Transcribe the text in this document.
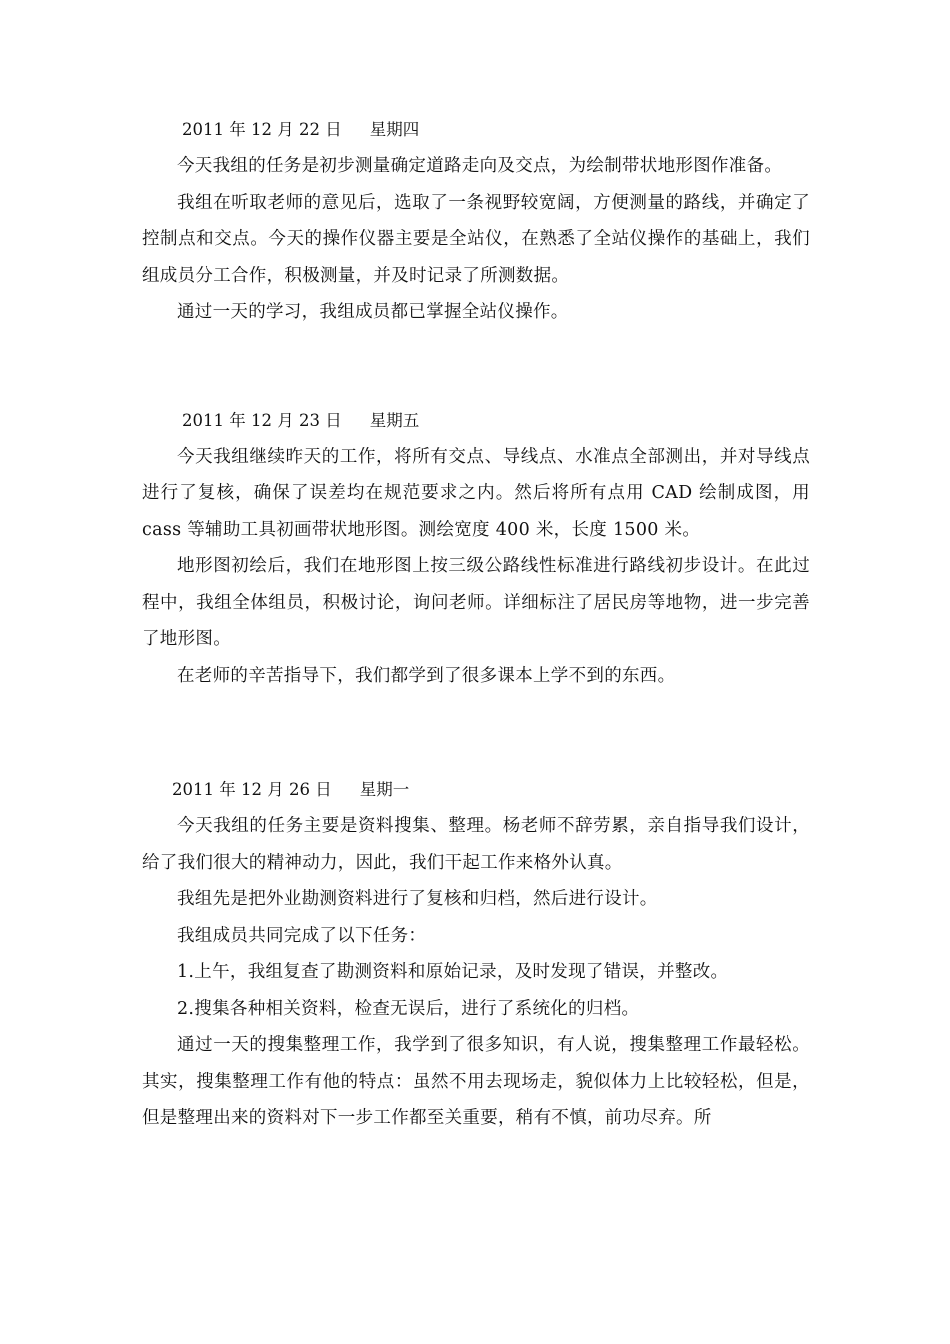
2011 年 12 月 22 日 星期四

今天我组的任务是初步测量确定道路走向及交点，为绘制带状地形图作准备。

我组在听取老师的意见后，选取了一条视野较宽阔，方便测量的路线，并确定了控制点和交点。今天的操作仪器主要是全站仪，在熟悉了全站仪操作的基础上，我们组成员分工合作，积极测量，并及时记录了所测数据。

通过一天的学习，我组成员都已掌握全站仪操作。

2011 年 12 月 23 日 星期五

今天我组继续昨天的工作，将所有交点、导线点、水准点全部测出，并对导线点进行了复核，确保了误差均在规范要求之内。然后将所有点用 CAD 绘制成图，用 cass 等辅助工具初画带状地形图。测绘宽度 400 米，长度 1500 米。

地形图初绘后，我们在地形图上按三级公路线性标准进行路线初步设计。在此过程中，我组全体组员，积极讨论，询问老师。详细标注了居民房等地物，进一步完善了地形图。

在老师的辛苦指导下，我们都学到了很多课本上学不到的东西。

2011 年 12 月 26 日 星期一

今天我组的任务主要是资料搜集、整理。杨老师不辞劳累，亲自指导我们设计，给了我们很大的精神动力，因此，我们干起工作来格外认真。

我组先是把外业勘测资料进行了复核和归档，然后进行设计。

我组成员共同完成了以下任务：

1.上午，我组复查了勘测资料和原始记录，及时发现了错误，并整改。

2.搜集各种相关资料，检查无误后，进行了系统化的归档。

通过一天的搜集整理工作，我学到了很多知识，有人说，搜集整理工作最轻松。其实，搜集整理工作有他的特点：虽然不用去现场走，貌似体力上比较轻松，但是，但是整理出来的资料对下一步工作都至关重要，稍有不慎，前功尽弃。所
